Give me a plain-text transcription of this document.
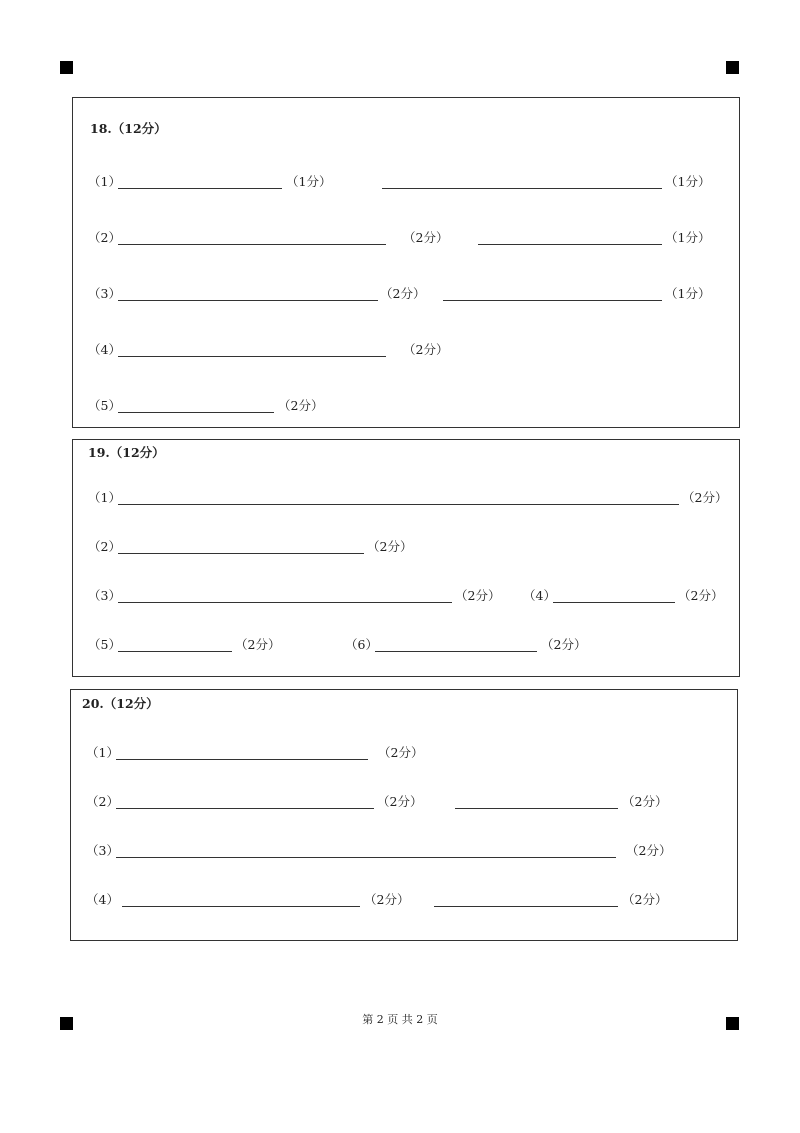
18.（12分）
（1）	（1分）	（1分）
（2）	（2分）	（1分）
（3）	（2分）	（1分）
（4）	（2分）
（5）	（2分）
19.（12分）
（1）	（2分）
（2）	（2分）
（3）	（2分） （4）	（2分）
（5）	（2分）	（6）	（2分）
20.（12分）
（1）	（2分）
（2）	（2分）	（2分）
（3）	（2分）
（4）	（2分）	（2分）
第 2 页 共 2 页
